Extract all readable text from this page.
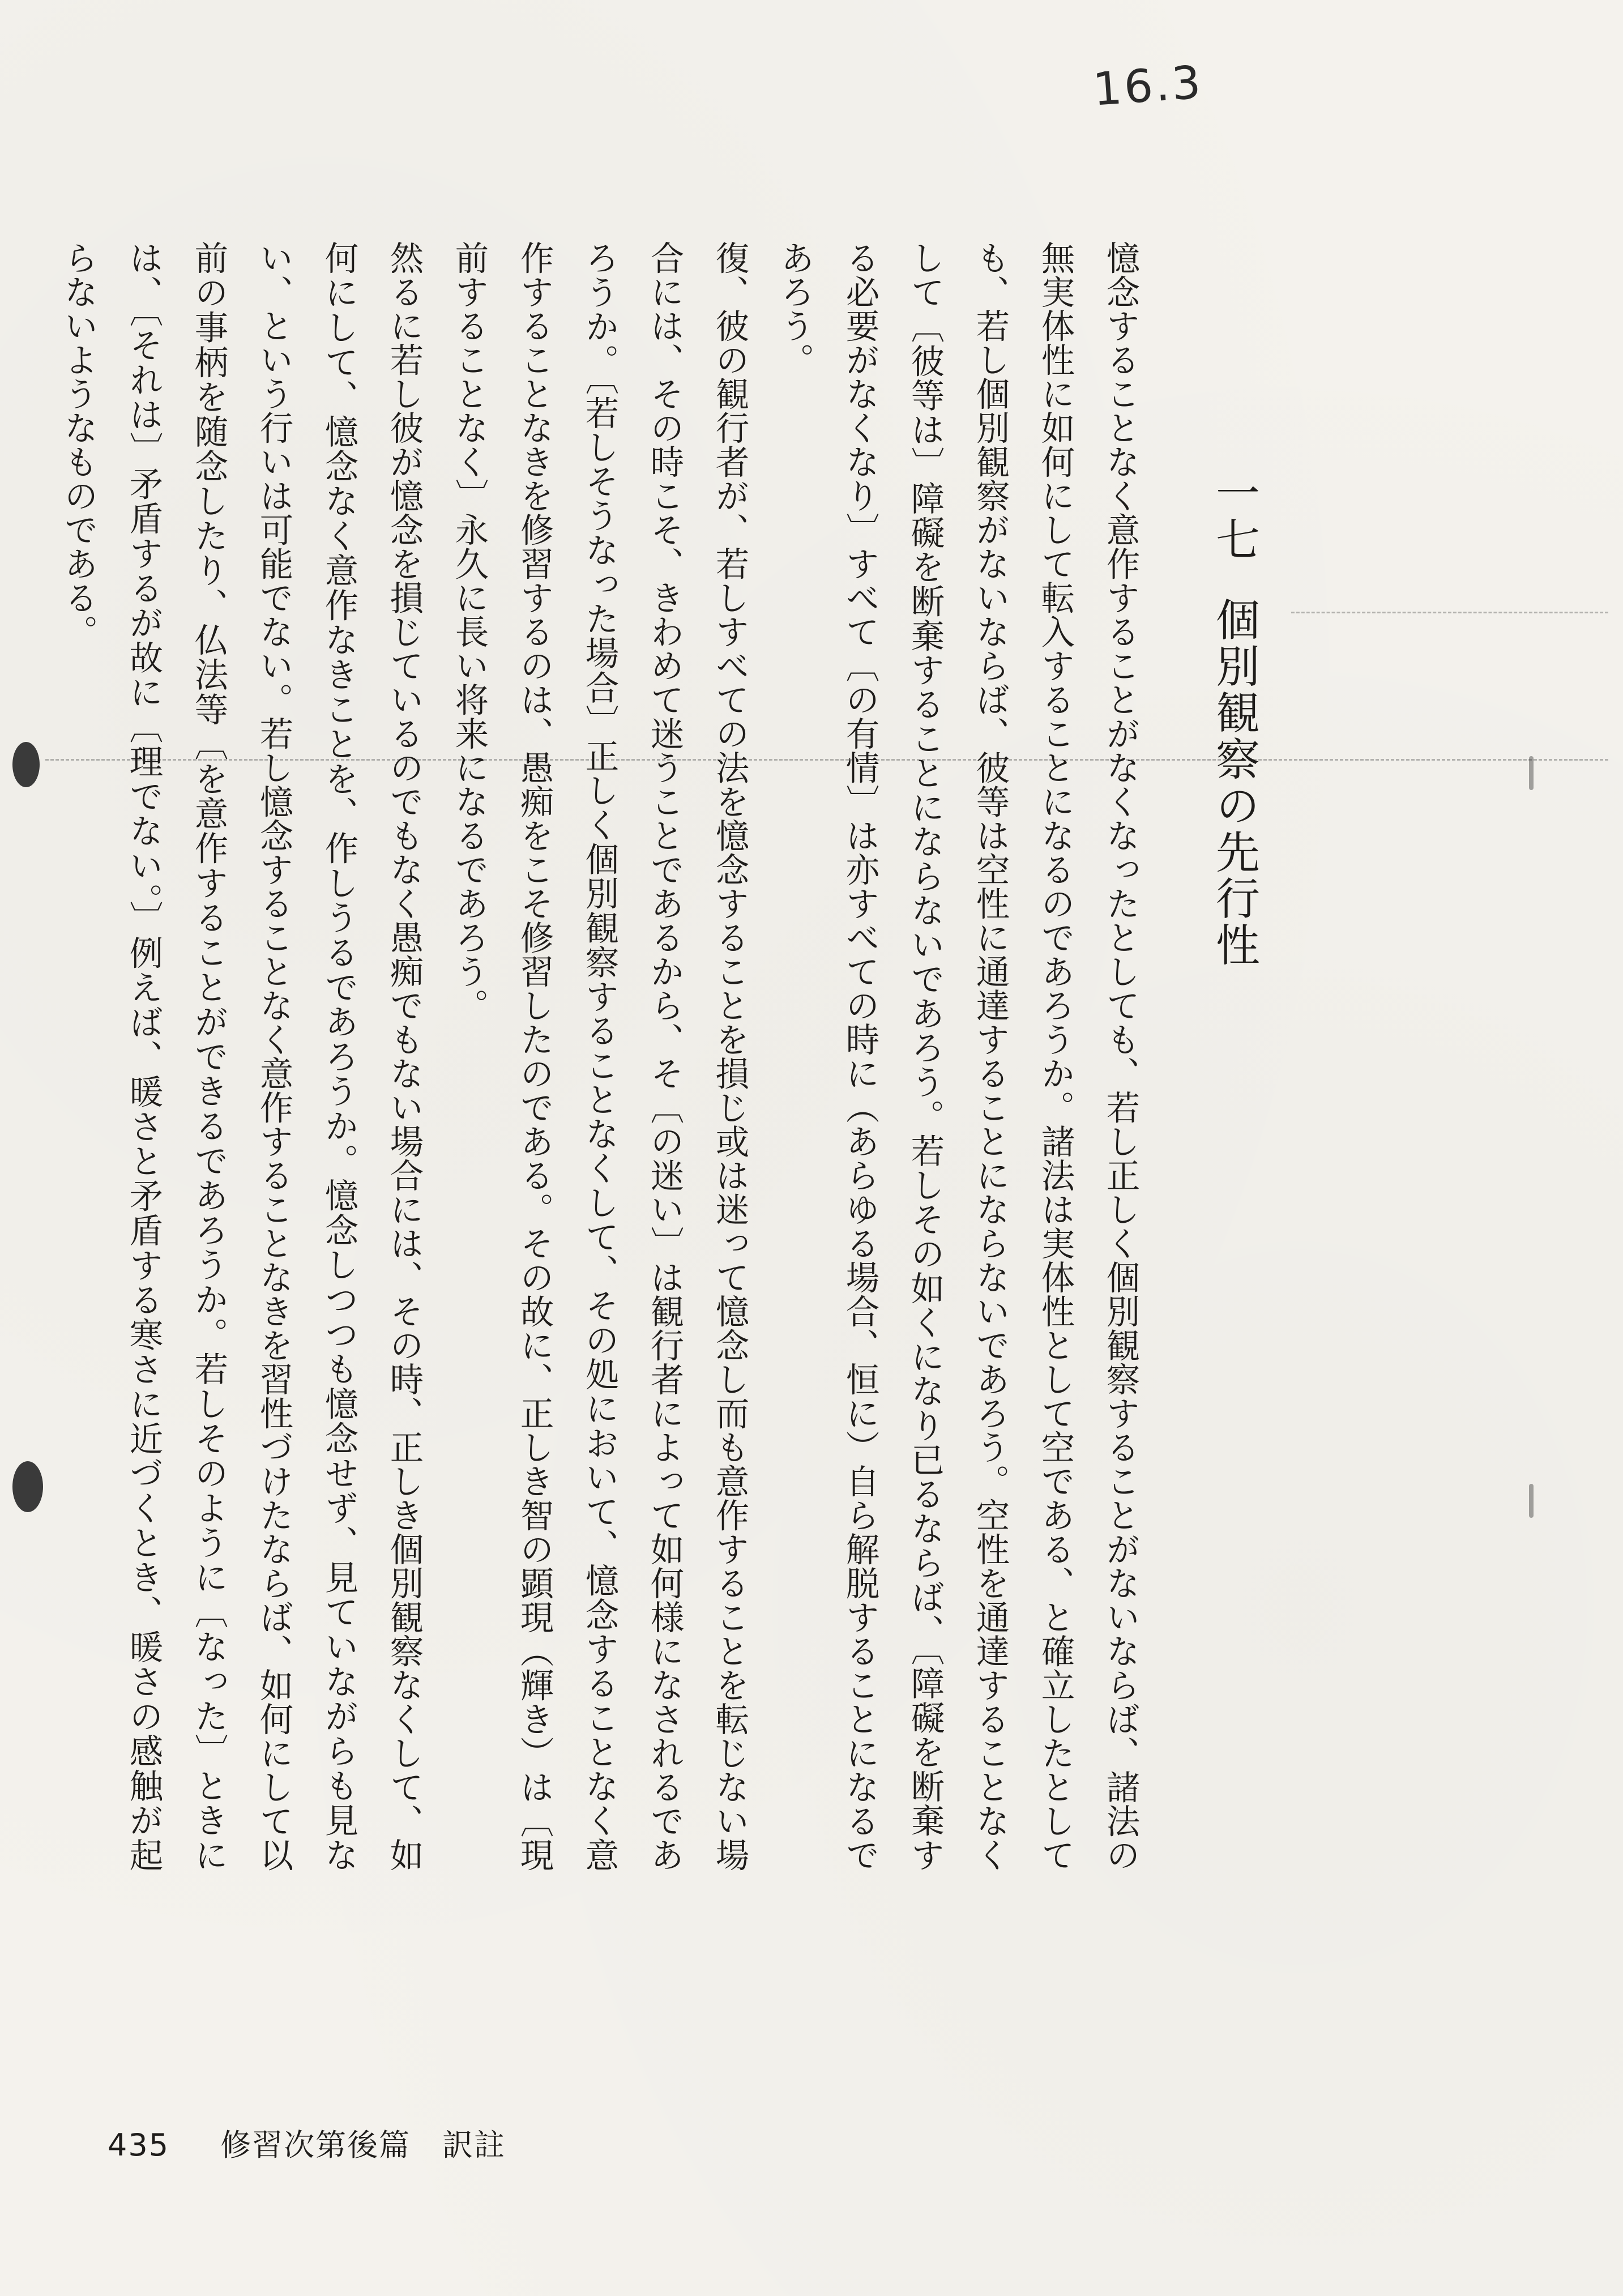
16.3
一七個別観察の先行性

憶念することなく意作することがなくなったとしても、若し正しく個別観察することがないならば、諸法の無実体性に如何にして転入することになるのであろうか。諸法は実体性として空である、と確立したとしても、若し個別観察がないならば、彼等は空性に通達することにならないであろう。空性を通達することなくして〔彼等は〕障礙を断棄することにならないであろう。若しその如くになり已るならば、〔障礙を断棄する必要がなくなり〕すべて〔の有情〕は亦すべての時に（あらゆる場合、恒に）自ら解脱することになるであろう。

復、彼の観行者が、若しすべての法を憶念することを損じ或は迷って憶念し而も意作することを転じない場合には、その時こそ、きわめて迷うことであるから、そ〔の迷い〕は観行者によって如何様になされるであろうか。〔若しそうなった場合〕正しく個別観察することなくして、その処において、憶念することなく意作することなきを修習するのは、愚痴をこそ修習したのである。その故に、正しき智の顕現（輝き）は〔現前することなく〕永久に長い将来になるであろう。

然るに若し彼が憶念を損じているのでもなく愚痴でもない場合には、その時、正しき個別観察なくして、如何にして、憶念なく意作なきことを、作しうるであろうか。憶念しつつも憶念せず、見ていながらも見ない、という行いは可能でない。若し憶念することなく意作することなきを習性づけたならば、如何にして以前の事柄を随念したり、仏法等〔を意作することができるであろうか。若しそのように〔なった〕ときには、〔それは〕矛盾するが故に〔理でない。〕例えば、暖さと矛盾する寒さに近づくとき、暖さの感触が起らないようなものである。

435 修習次第後篇　訳註
